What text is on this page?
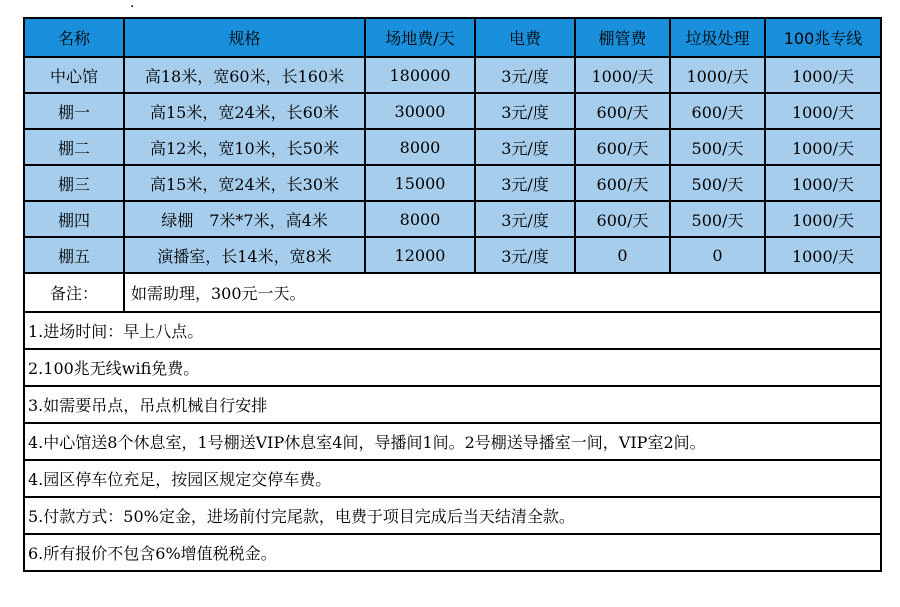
·
名称	规格	场地费/天	电费	棚管费	垃圾处理	100兆专线
中心馆	高18米，宽60米，长160米	180000	3元/度	1000/天	1000/天	1000/天
棚一	高15米，宽24米，长60米	30000	3元/度	600/天	600/天	1000/天
棚二	高12米，宽10米，长50米	8000	3元/度	600/天	500/天	1000/天
棚三	高15米，宽24米，长30米	15000	3元/度	600/天	500/天	1000/天
棚四	绿棚　7米*7米，高4米	8000	3元/度	600/天	500/天	1000/天
棚五	演播室，长14米，宽8米	12000	3元/度	0	0	1000/天
备注：	如需助理，300元一天。					
1.进场时间：早上八点。						
2.100兆无线wifi免费。						
3.如需要吊点，吊点机械自行安排						
4.中心馆送8个休息室，1号棚送VIP休息室4间，导播间1间。2号棚送导播室一间，VIP室2间。						
4.园区停车位充足，按园区规定交停车费。						
5.付款方式：50%定金，进场前付完尾款，电费于项目完成后当天结清全款。						
6.所有报价不包含6%增值税税金。						
